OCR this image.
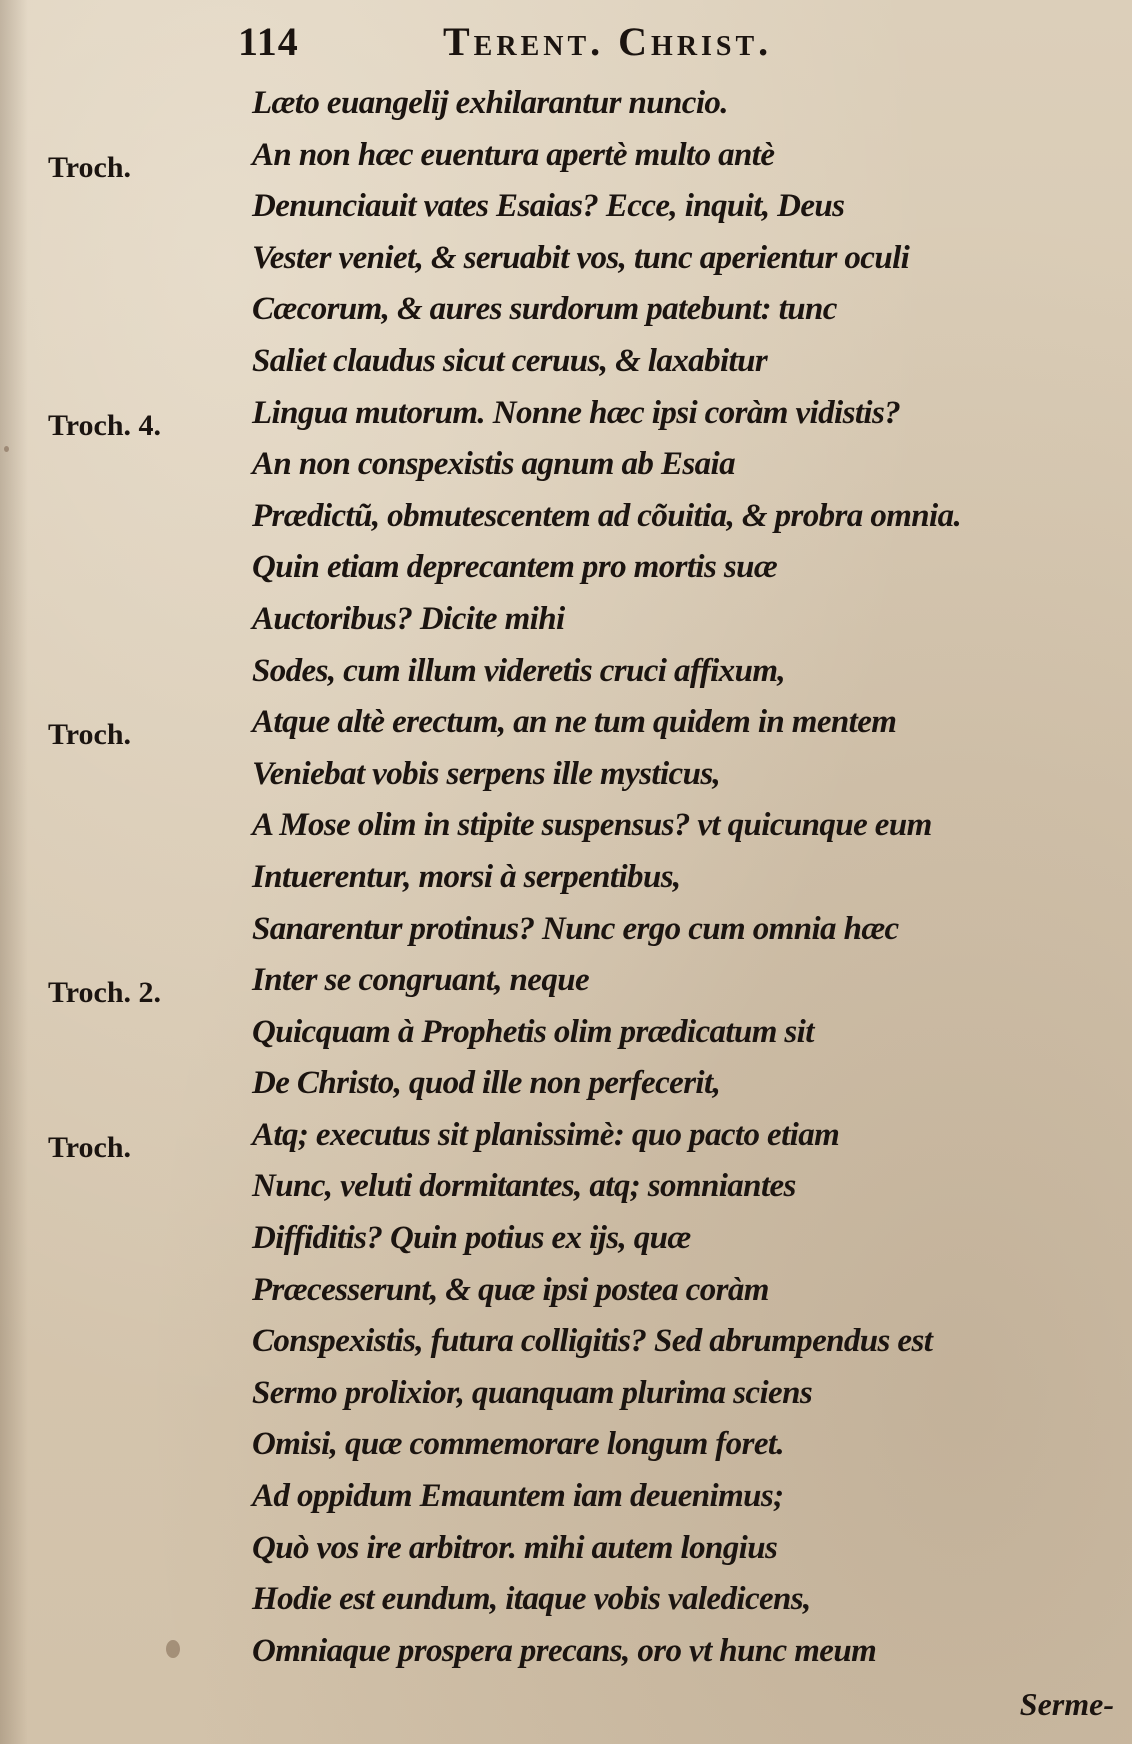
114	Terent. Christ.
Læto euangelij exhilarantur nuncio.
Troch.	An non hæc euentura apertè multo antè
Denunciauit vates Esaias? Ecce, inquit, Deus
Vester veniet, & seruabit vos, tunc aperientur oculi
Cæcorum, & aures surdorum patebunt: tunc
Saliet claudus sicut ceruus, & laxabitur
Troch. 4.	Lingua mutorum. Nonne hæc ipsi coràm vidistis?
An non conspexistis agnum ab Esaia
Prædictũ, obmutescentem ad cõuitia, & probra omnia.
Quin etiam deprecantem pro mortis suæ
Auctoribus? Dicite mihi
Sodes, cum illum videretis cruci affixum,
Troch.	Atque altè erectum, an ne tum quidem in mentem
Veniebat vobis serpens ille mysticus,
A Mose olim in stipite suspensus? vt quicunque eum
Intuerentur, morsi à serpentibus,
Sanarentur protinus? Nunc ergo cum omnia hæc
Troch. 2.	Inter se congruant, neque
Quicquam à Prophetis olim prædicatum sit
De Christo, quod ille non perfecerit,
Troch.	Atq; executus sit planissimè: quo pacto etiam
Nunc, veluti dormitantes, atq; somniantes
Diffiditis? Quin potius ex ijs, quæ
Præcesserunt, & quæ ipsi postea coràm
Conspexistis, futura colligitis? Sed abrumpendus est
Sermo prolixior, quanquam plurima sciens
Omisi, quæ commemorare longum foret.
Ad oppidum Emauntem iam deuenimus;
Quò vos ire arbitror. mihi autem longius
Hodie est eundum, itaque vobis valedicens,
Omniaque prospera precans, oro vt hunc meum
Serme-
